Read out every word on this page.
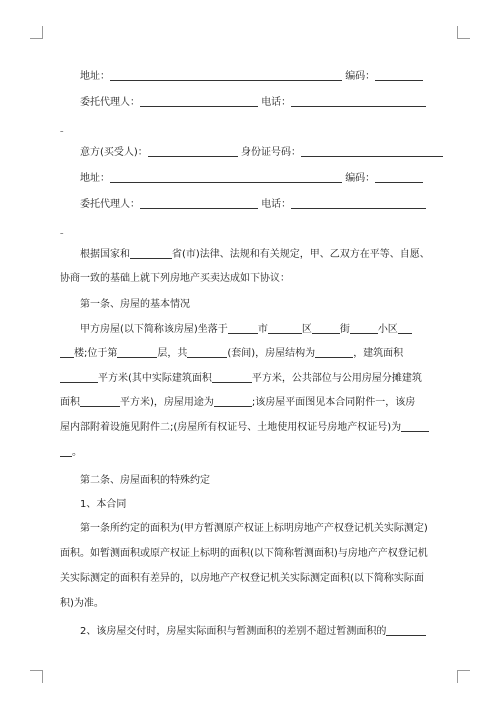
地址：	编码：
委托代理人：	电话：
–
意方(买受人)：	身份证号码：
地址：	编码：
委托代理人：	电话：
–
根据国家和	省(市)法律、法规和有关规定，甲、乙双方在平等、自愿、
协商一致的基础上就下列房地产买卖达成如下协议：
第一条、房屋的基本情况
甲方房屋(以下简称该房屋)坐落于	市	区	街	小区
楼;位于第	层，共	(套间)，房屋结构为	，建筑面积
平方米(其中实际建筑面积	平方米，公共部位与公用房屋分摊建筑
面积	平方米)，房屋用途为	;该房屋平面图见本合同附件一，该房
屋内部附着设施见附件二;(房屋所有权证号、土地使用权证号房地产权证号)为
。
第二条、房屋面积的特殊约定
1、本合同
第一条所约定的面积为(甲方暂测原产权证上标明房地产产权登记机关实际测定)
面积。如暂测面积或原产权证上标明的面积(以下简称暂测面积)与房地产产权登记机
关实际测定的面积有差异的，以房地产产权登记机关实际测定面积(以下简称实际面
积)为准。
2、该房屋交付时，房屋实际面积与暂测面积的差别不超过暂测面积的
